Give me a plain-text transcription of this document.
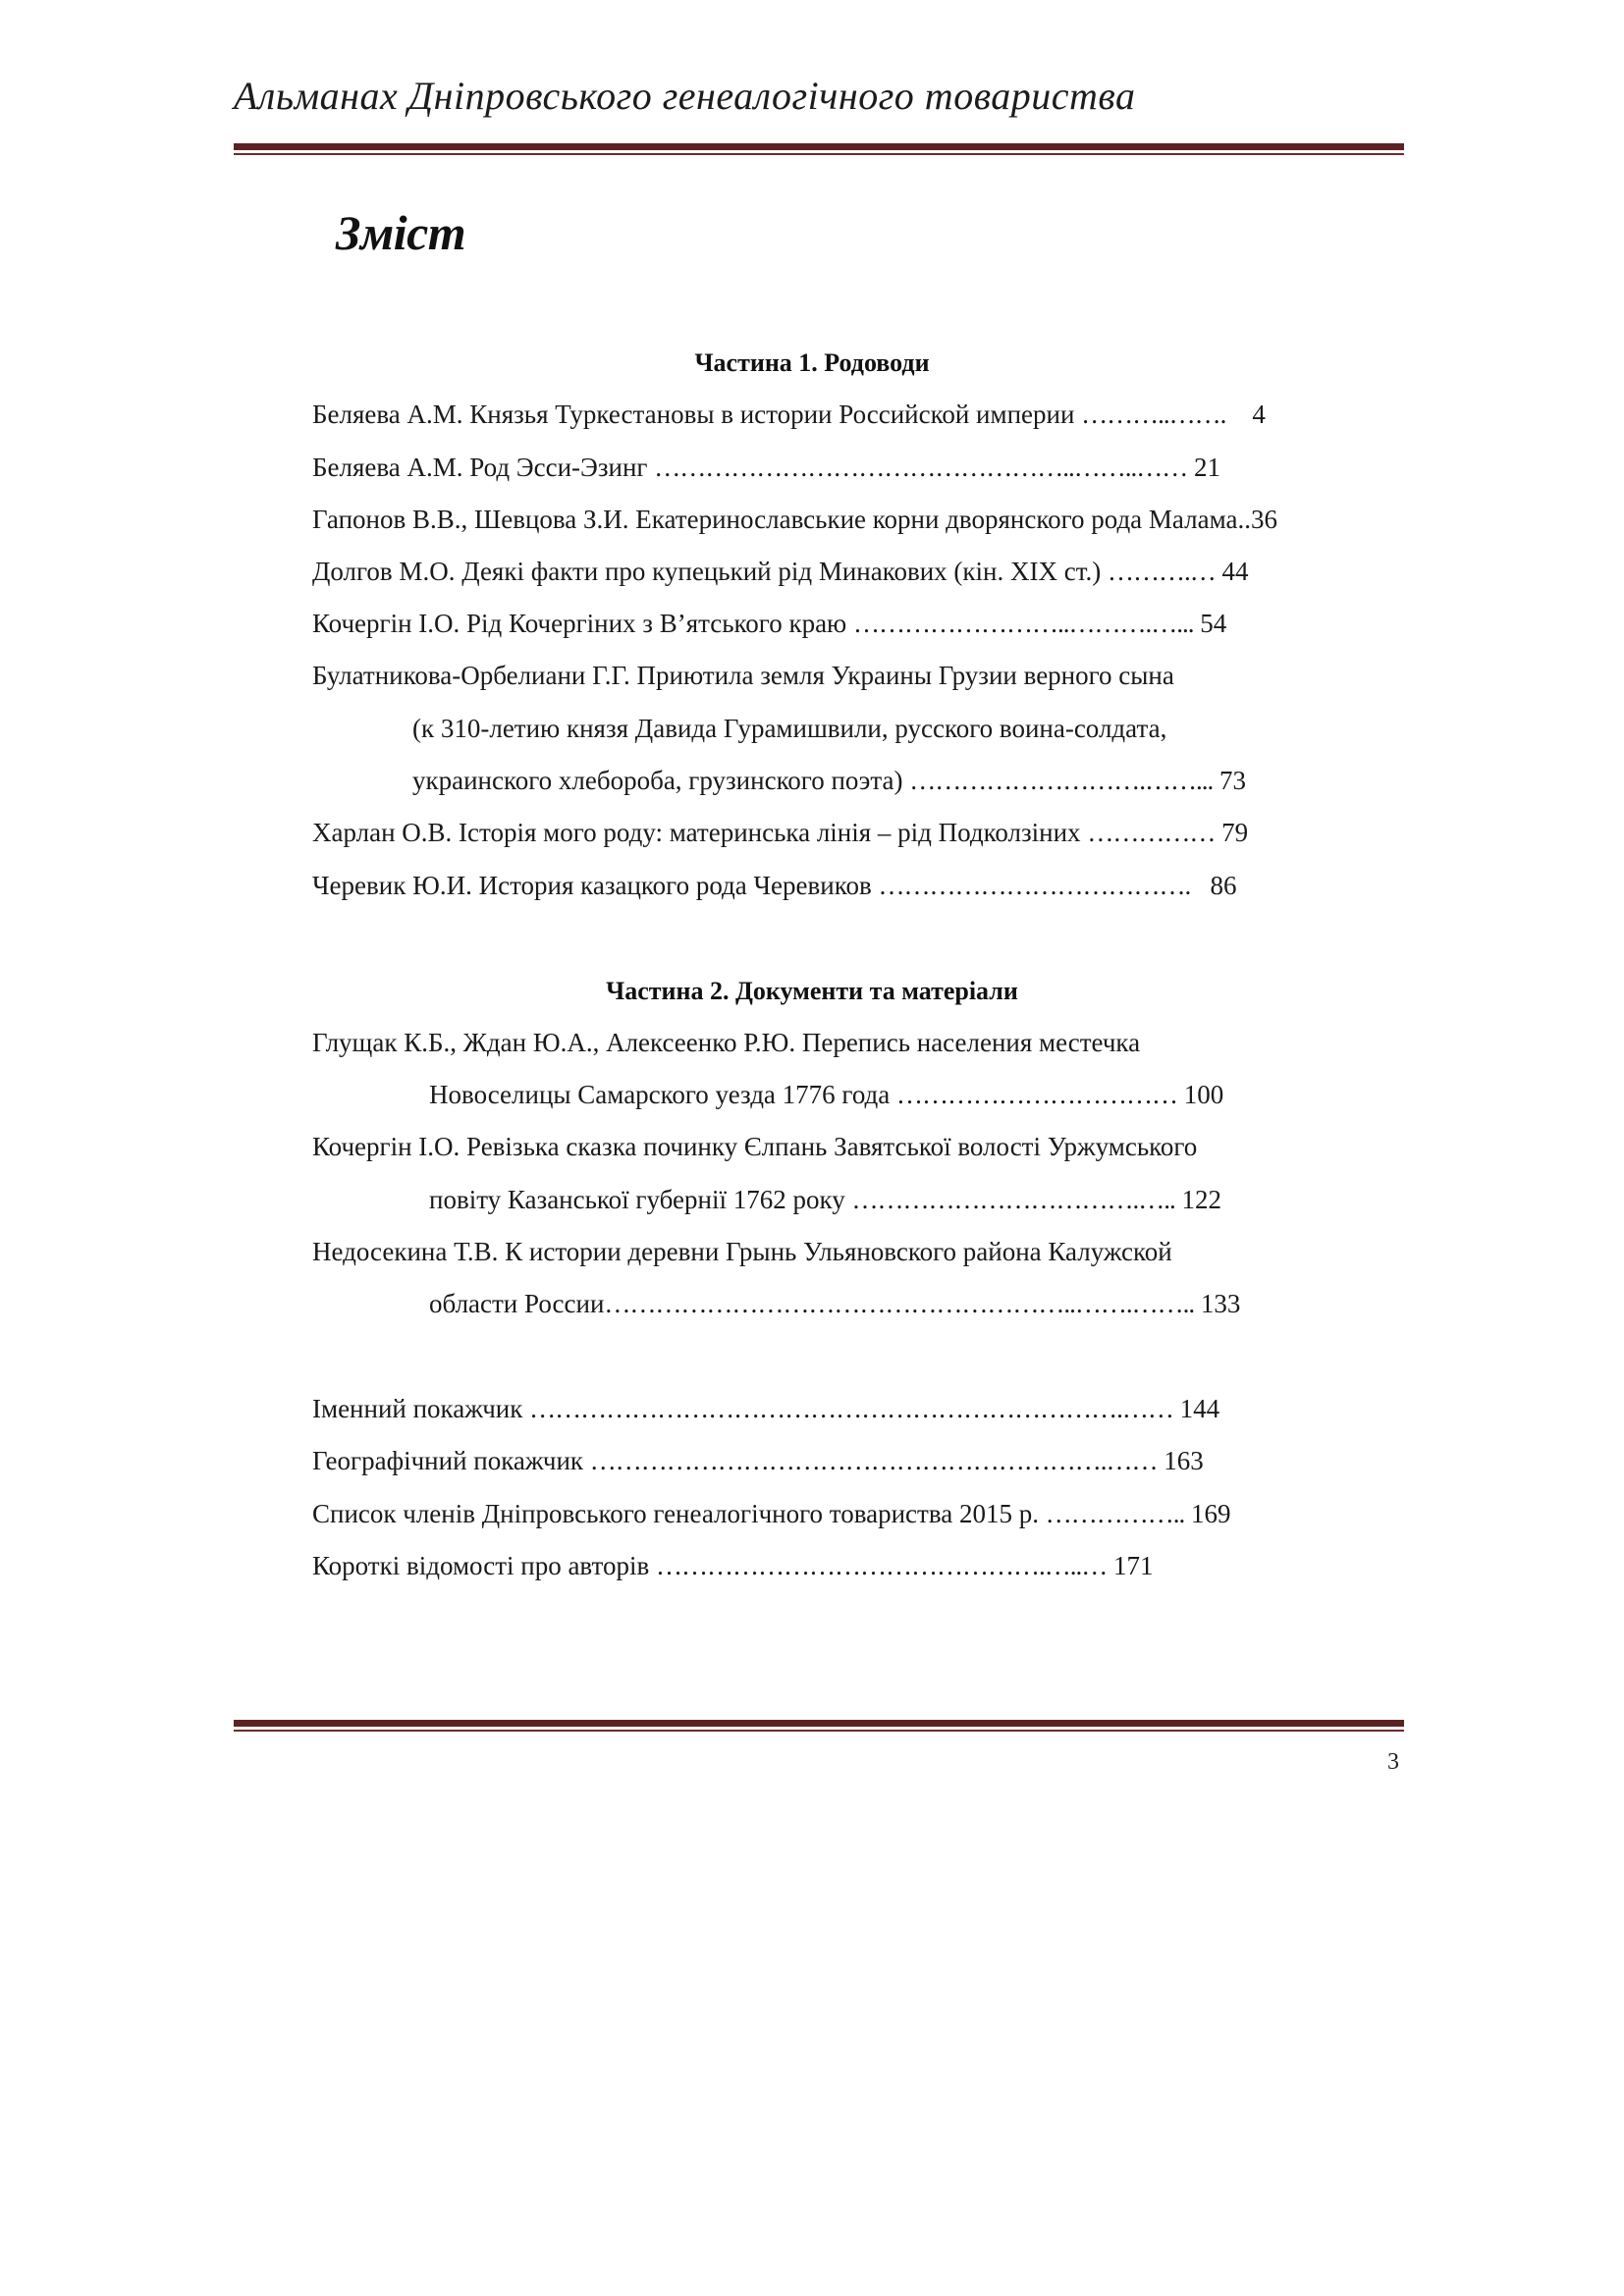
Альманах Дніпровського генеалогічного товариства
Зміст
Частина 1. Родоводи
Беляева А.М. Князья Туркестановы в истории Российской империи ………..……. 4
Беляева А.М. Род Эсси-Эзинг …………………………………………..……..…… 21
Гапонов В.В., Шевцова З.И. Екатеринославськие корни дворянского рода Малама..36
Долгов М.О. Деякі факти про купецький рід Минакових (кін. XIX ст.) ……….… 44
Кочергін І.О. Рід Кочергіних з В’ятського краю ……………………..……….…... 54
Булатникова-Орбелиани Г.Г. Приютила земля Украины Грузии верного сына
(к 310-летию князя Давида Гурамишвили, русского воина-солдата,
украинского хлебороба, грузинского поэта) ……………………….……... 73
Харлан О.В. Історія мого роду: материнська лінія – рід Подколзіних …………… 79
Черевик Ю.И. История казацкого рода Черевиков ………………………………. 86
Частина 2. Документи та матеріали
Глущак К.Б., Ждан Ю.А., Алексеенко Р.Ю. Перепись населения местечка
Новоселицы Самарского уезда 1776 года …………………………… 100
Кочергін І.О. Ревізька сказка починку Єлпань Завятської волості Уржумського
повіту Казанської губернії 1762 року …………………………….….. 122
Недосекина Т.В. К истории деревни Грынь Ульяновского района Калужской
области России………………………………………………..…….…….. 133
Іменний покажчик …………………………………………………………….…… 144
Географічний покажчик …………………………………………………….…… 163
Список членів Дніпровського генеалогічного товариства 2015 р. …………….. 169
Короткі відомості про авторів ……………………………………….…..… 171
3
